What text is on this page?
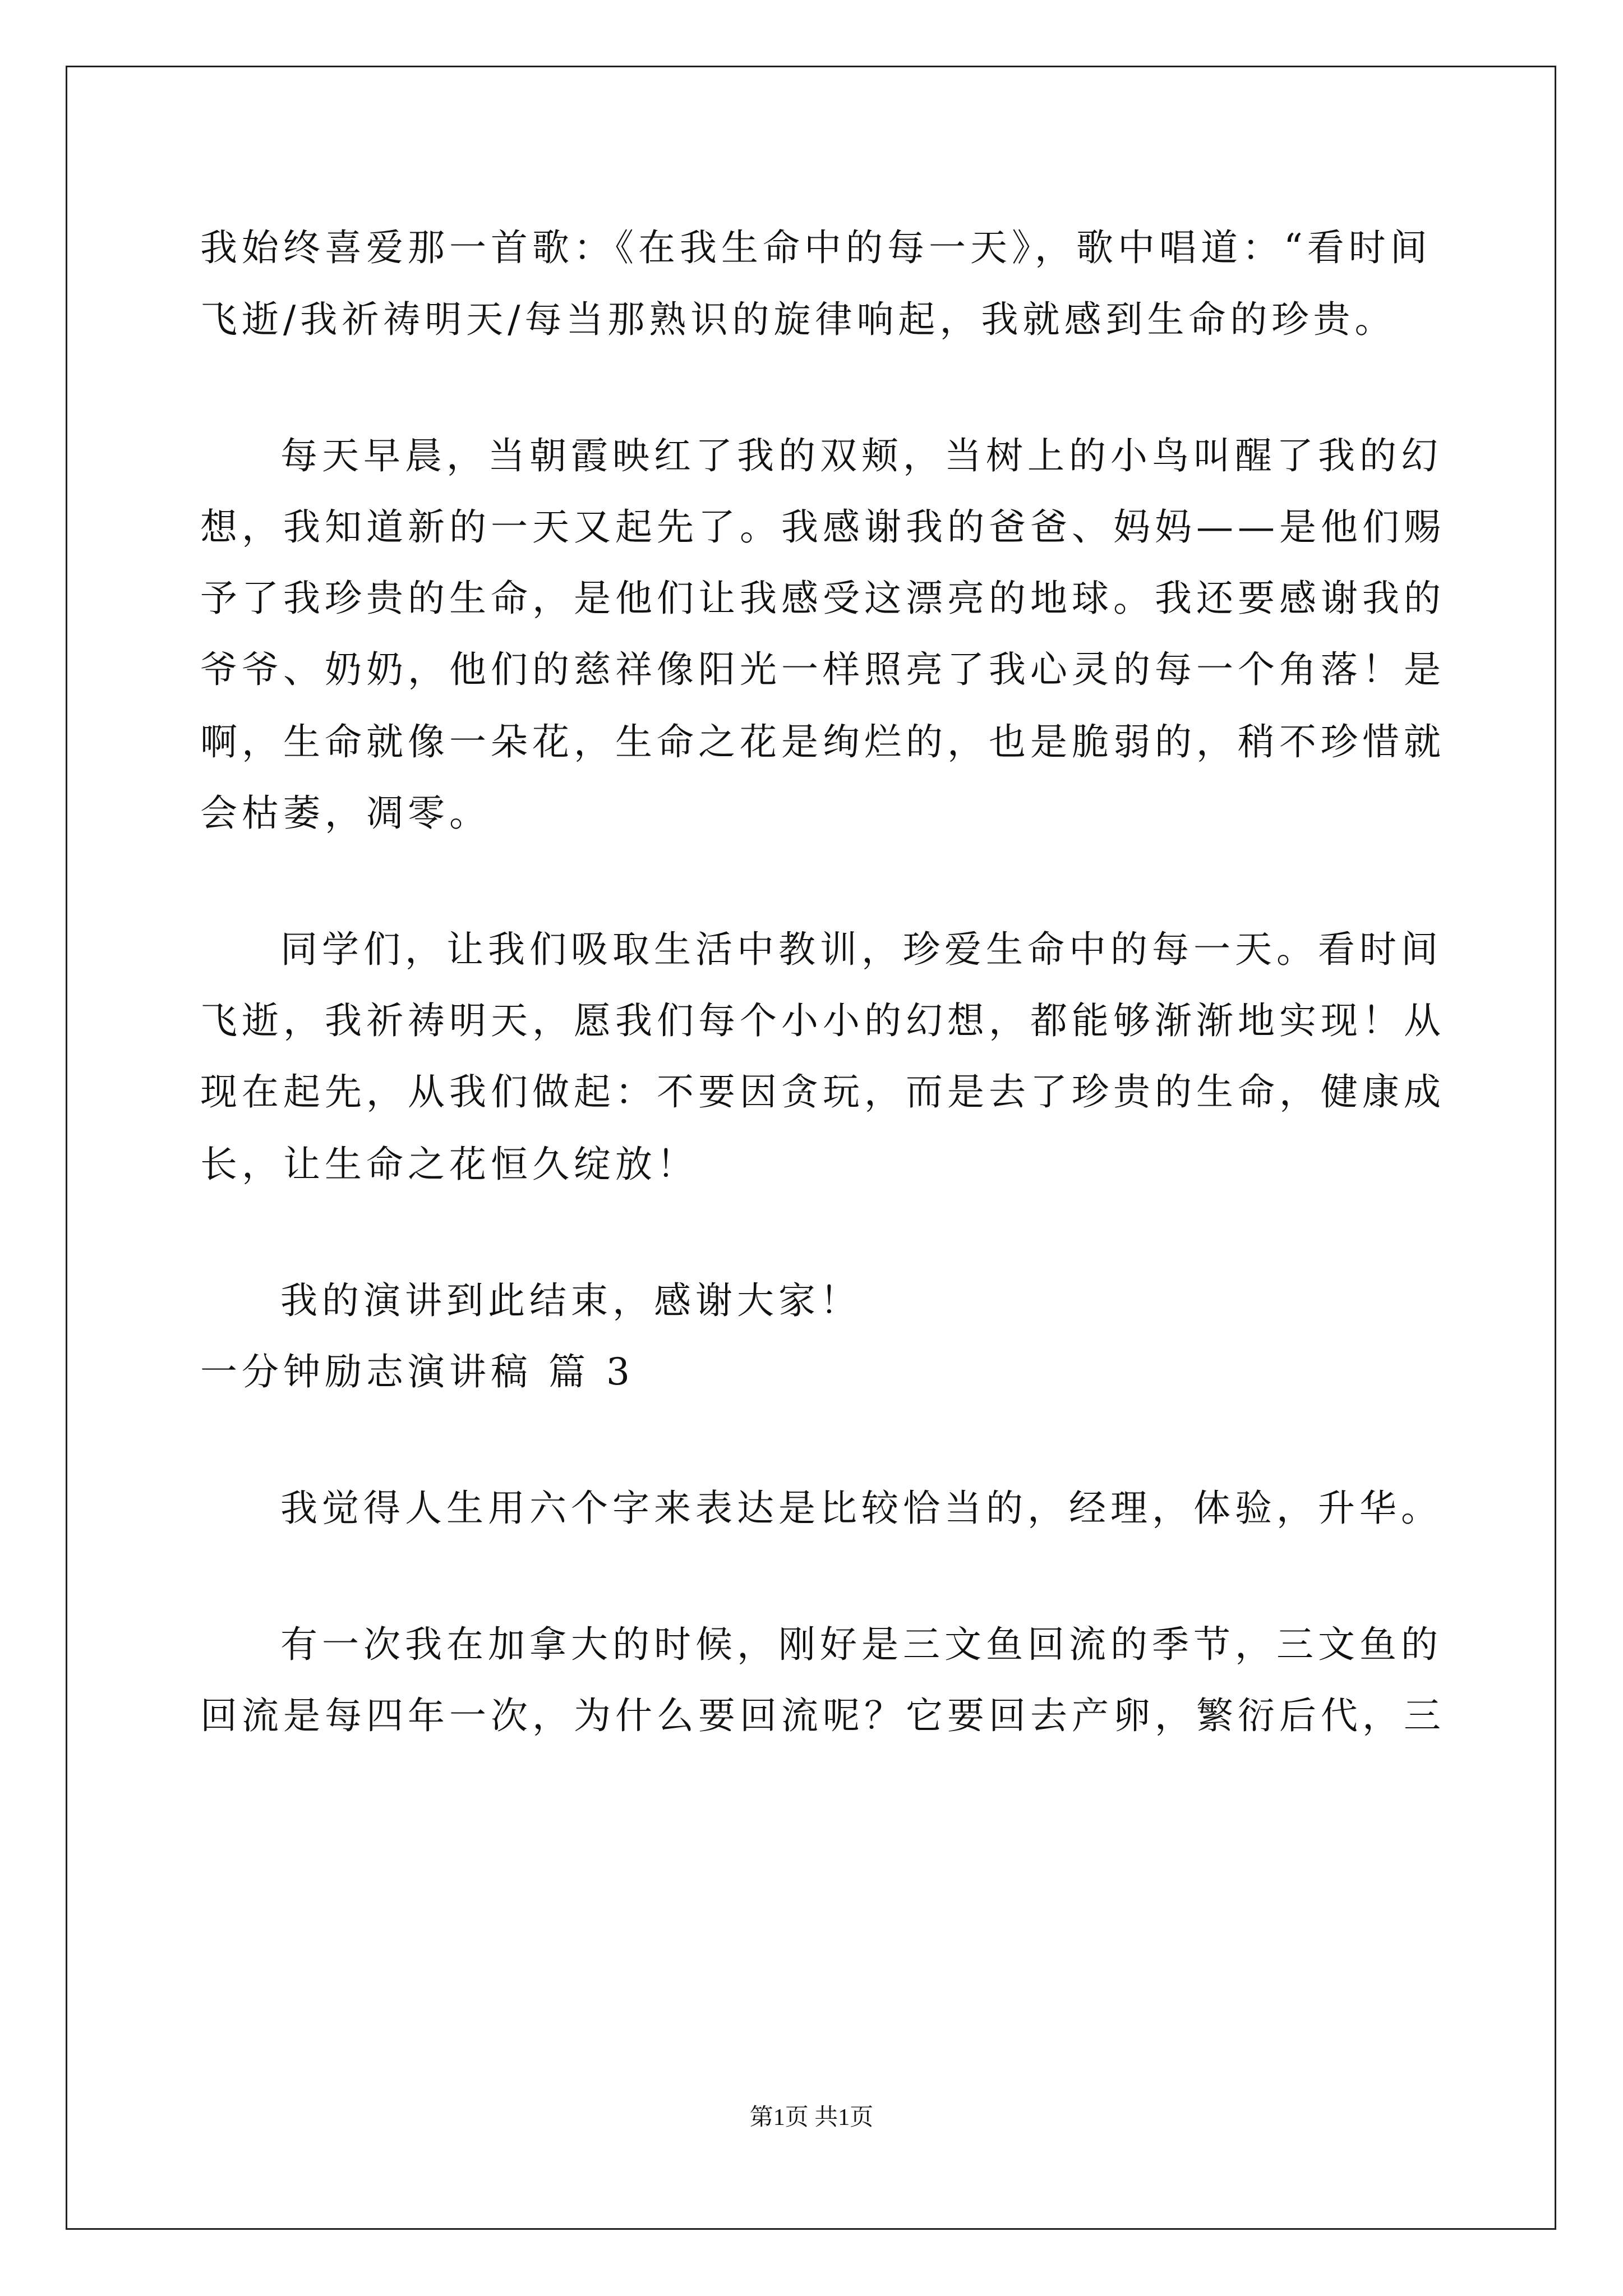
我始终喜爱那一首歌：《在我生命中的每一天》，歌中唱道：“看时间
飞逝/我祈祷明天/每当那熟识的旋律响起，我就感到生命的珍贵。
每天早晨，当朝霞映红了我的双颊，当树上的小鸟叫醒了我的幻
想，我知道新的一天又起先了。我感谢我的爸爸、妈妈——是他们赐
予了我珍贵的生命，是他们让我感受这漂亮的地球。我还要感谢我的
爷爷、奶奶，他们的慈祥像阳光一样照亮了我心灵的每一个角落！是
啊，生命就像一朵花，生命之花是绚烂的，也是脆弱的，稍不珍惜就
会枯萎，凋零。
同学们，让我们吸取生活中教训，珍爱生命中的每一天。看时间
飞逝，我祈祷明天，愿我们每个小小的幻想，都能够渐渐地实现！从
现在起先，从我们做起：不要因贪玩，而是去了珍贵的生命，健康成
长，让生命之花恒久绽放！
我的演讲到此结束，感谢大家！
一分钟励志演讲稿 篇 3
我觉得人生用六个字来表达是比较恰当的，经理，体验，升华。
有一次我在加拿大的时候，刚好是三文鱼回流的季节，三文鱼的
回流是每四年一次，为什么要回流呢？它要回去产卵，繁衍后代，三
第1页 共1页
